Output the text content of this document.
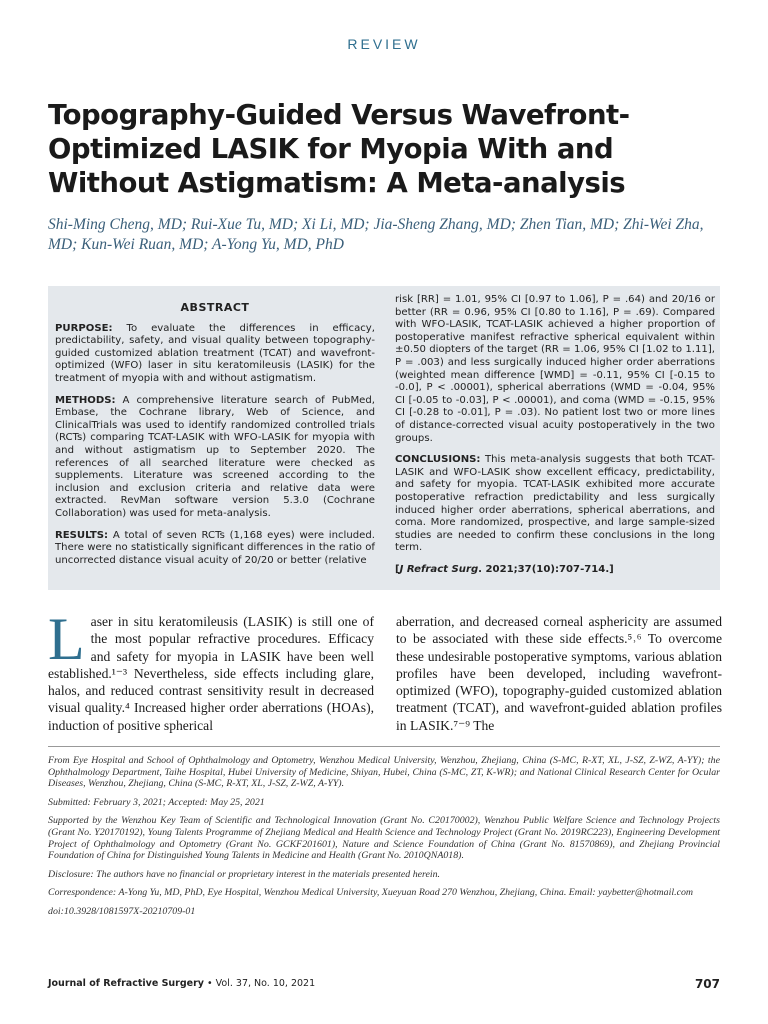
REVIEW
Topography-Guided Versus Wavefront-Optimized LASIK for Myopia With and Without Astigmatism: A Meta-analysis
Shi-Ming Cheng, MD; Rui-Xue Tu, MD; Xi Li, MD; Jia-Sheng Zhang, MD; Zhen Tian, MD; Zhi-Wei Zha, MD; Kun-Wei Ruan, MD; A-Yong Yu, MD, PhD
ABSTRACT

PURPOSE: To evaluate the differences in efficacy, predictability, safety, and visual quality between topography-guided customized ablation treatment (TCAT) and wavefront-optimized (WFO) laser in situ keratomileusis (LASIK) for the treatment of myopia with and without astigmatism.

METHODS: A comprehensive literature search of PubMed, Embase, the Cochrane library, Web of Science, and ClinicalTrials was used to identify randomized controlled trials (RCTs) comparing TCAT-LASIK with WFO-LASIK for myopia with and without astigmatism up to September 2020. The references of all searched literature were checked as supplements. Literature was screened according to the inclusion and exclusion criteria and relative data were extracted. RevMan software version 5.3.0 (Cochrane Collaboration) was used for meta-analysis.

RESULTS: A total of seven RCTs (1,168 eyes) were included. There were no statistically significant differences in the ratio of uncorrected distance visual acuity of 20/20 or better (relative

risk [RR] = 1.01, 95% CI [0.97 to 1.06], P = .64) and 20/16 or better (RR = 0.96, 95% CI [0.80 to 1.16], P = .69). Compared with WFO-LASIK, TCAT-LASIK achieved a higher proportion of postoperative manifest refractive spherical equivalent within ±0.50 diopters of the target (RR = 1.06, 95% CI [1.02 to 1.11], P = .003) and less surgically induced higher order aberrations (weighted mean difference [WMD] = -0.11, 95% CI [-0.15 to -0.0], P < .00001), spherical aberrations (WMD = -0.04, 95% CI [-0.05 to -0.03], P < .00001), and coma (WMD = -0.15, 95% CI [-0.28 to -0.01], P = .03). No patient lost two or more lines of distance-corrected visual acuity postoperatively in the two groups.

CONCLUSIONS: This meta-analysis suggests that both TCAT-LASIK and WFO-LASIK show excellent efficacy, predictability, and safety for myopia. TCAT-LASIK exhibited more accurate postoperative refraction predictability and less surgically induced higher order aberrations, spherical aberrations, and coma. More randomized, prospective, and large sample-sized studies are needed to confirm these conclusions in the long term.

[J Refract Surg. 2021;37(10):707-714.]

Laser in situ keratomileusis (LASIK) is still one of the most popular refractive procedures. Efficacy and safety for myopia in LASIK have been well established.¹⁻³ Nevertheless, side effects including glare, halos, and reduced contrast sensitivity result in decreased visual quality.⁴ Increased higher order aberrations (HOAs), induction of positive spherical

aberration, and decreased corneal asphericity are assumed to be associated with these side effects.⁵˒⁶ To overcome these undesirable postoperative symptoms, various ablation profiles have been developed, including wavefront-optimized (WFO), topography-guided customized ablation treatment (TCAT), and wavefront-guided ablation profiles in LASIK.⁷⁻⁹ The

From Eye Hospital and School of Ophthalmology and Optometry, Wenzhou Medical University, Wenzhou, Zhejiang, China (S-MC, R-XT, XL, J-SZ, Z-WZ, A-YY); the Ophthalmology Department, Taihe Hospital, Hubei University of Medicine, Shiyan, Hubei, China (S-MC, ZT, K-WR); and National Clinical Research Center for Ocular Diseases, Wenzhou, Zhejiang, China (S-MC, R-XT, XL, J-SZ, Z-WZ, A-YY).

Submitted: February 3, 2021; Accepted: May 25, 2021

Supported by the Wenzhou Key Team of Scientific and Technological Innovation (Grant No. C20170002), Wenzhou Public Welfare Science and Technology Projects (Grant No. Y20170192), Young Talents Programme of Zhejiang Medical and Health Science and Technology Project (Grant No. 2019RC223), Engineering Development Project of Ophthalmology and Optometry (Grant No. GCKF201601), Nature and Science Foundation of China (Grant No. 81570869), and Zhejiang Provincial Foundation of China for Distinguished Young Talents in Medicine and Health (Grant No. 2010QNA018).

Disclosure: The authors have no financial or proprietary interest in the materials presented herein.

Correspondence: A-Yong Yu, MD, PhD, Eye Hospital, Wenzhou Medical University, Xueyuan Road 270 Wenzhou, Zhejiang, China. Email: yaybetter@hotmail.com

doi:10.3928/1081597X-20210709-01

Journal of Refractive Surgery • Vol. 37, No. 10, 2021	707
